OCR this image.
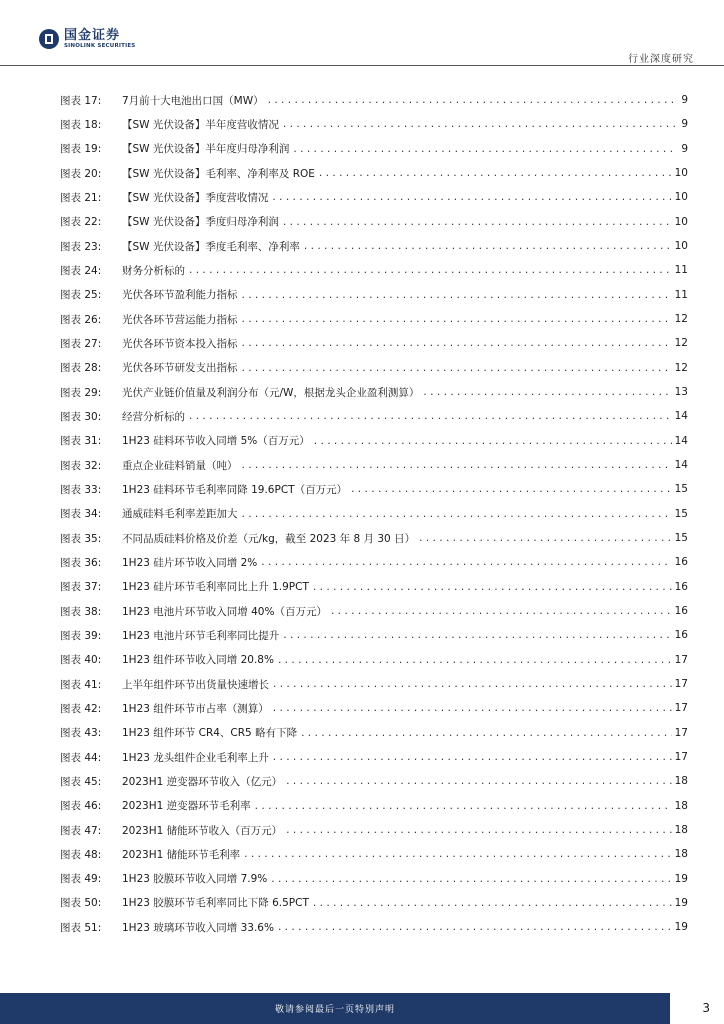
国金证券
SINOLINK SECURITIES
行业深度研究
图表 17:	7月前十大电池出口国（MW） .....	9
图表 18:	【SW 光伏设备】半年度营收情况 .....	9
图表 19:	【SW 光伏设备】半年度归母净利润 .....	9
图表 20:	【SW 光伏设备】毛利率、净利率及 ROE .....	10
图表 21:	【SW 光伏设备】季度营收情况 .....	10
图表 22:	【SW 光伏设备】季度归母净利润 .....	10
图表 23:	【SW 光伏设备】季度毛利率、净利率 .....	10
图表 24:	财务分析标的 .....	11
图表 25:	光伏各环节盈利能力指标 .....	11
图表 26:	光伏各环节营运能力指标 .....	12
图表 27:	光伏各环节资本投入指标 .....	12
图表 28:	光伏各环节研发支出指标 .....	12
图表 29:	光伏产业链价值量及利润分布（元/W，根据龙头企业盈利测算） .....	13
图表 30:	经营分析标的 .....	14
图表 31:	1H23 硅料环节收入同增 5%（百万元） .....	14
图表 32:	重点企业硅料销量（吨） .....	14
图表 33:	1H23 硅料环节毛利率同降 19.6PCT（百万元） .....	15
图表 34:	通威硅料毛利率差距加大 .....	15
图表 35:	不同品质硅料价格及价差（元/kg，截至 2023 年 8 月 30 日） .....	15
图表 36:	1H23 硅片环节收入同增 2% .....	16
图表 37:	1H23 硅片环节毛利率同比上升 1.9PCT .....	16
图表 38:	1H23 电池片环节收入同增 40%（百万元） .....	16
图表 39:	1H23 电池片环节毛利率同比提升 .....	16
图表 40:	1H23 组件环节收入同增 20.8% .....	17
图表 41:	上半年组件环节出货量快速增长 .....	17
图表 42:	1H23 组件环节市占率（测算） .....	17
图表 43:	1H23 组件环节 CR4、CR5 略有下降 .....	17
图表 44:	1H23 龙头组件企业毛利率上升 .....	17
图表 45:	2023H1 逆变器环节收入（亿元） .....	18
图表 46:	2023H1 逆变器环节毛利率 .....	18
图表 47:	2023H1 储能环节收入（百万元） .....	18
图表 48:	2023H1 储能环节毛利率 .....	18
图表 49:	1H23 胶膜环节收入同增 7.9% .....	19
图表 50:	1H23 胶膜环节毛利率同比下降 6.5PCT .....	19
图表 51:	1H23 玻璃环节收入同增 33.6% .....	19
敬请参阅最后一页特别声明	3
